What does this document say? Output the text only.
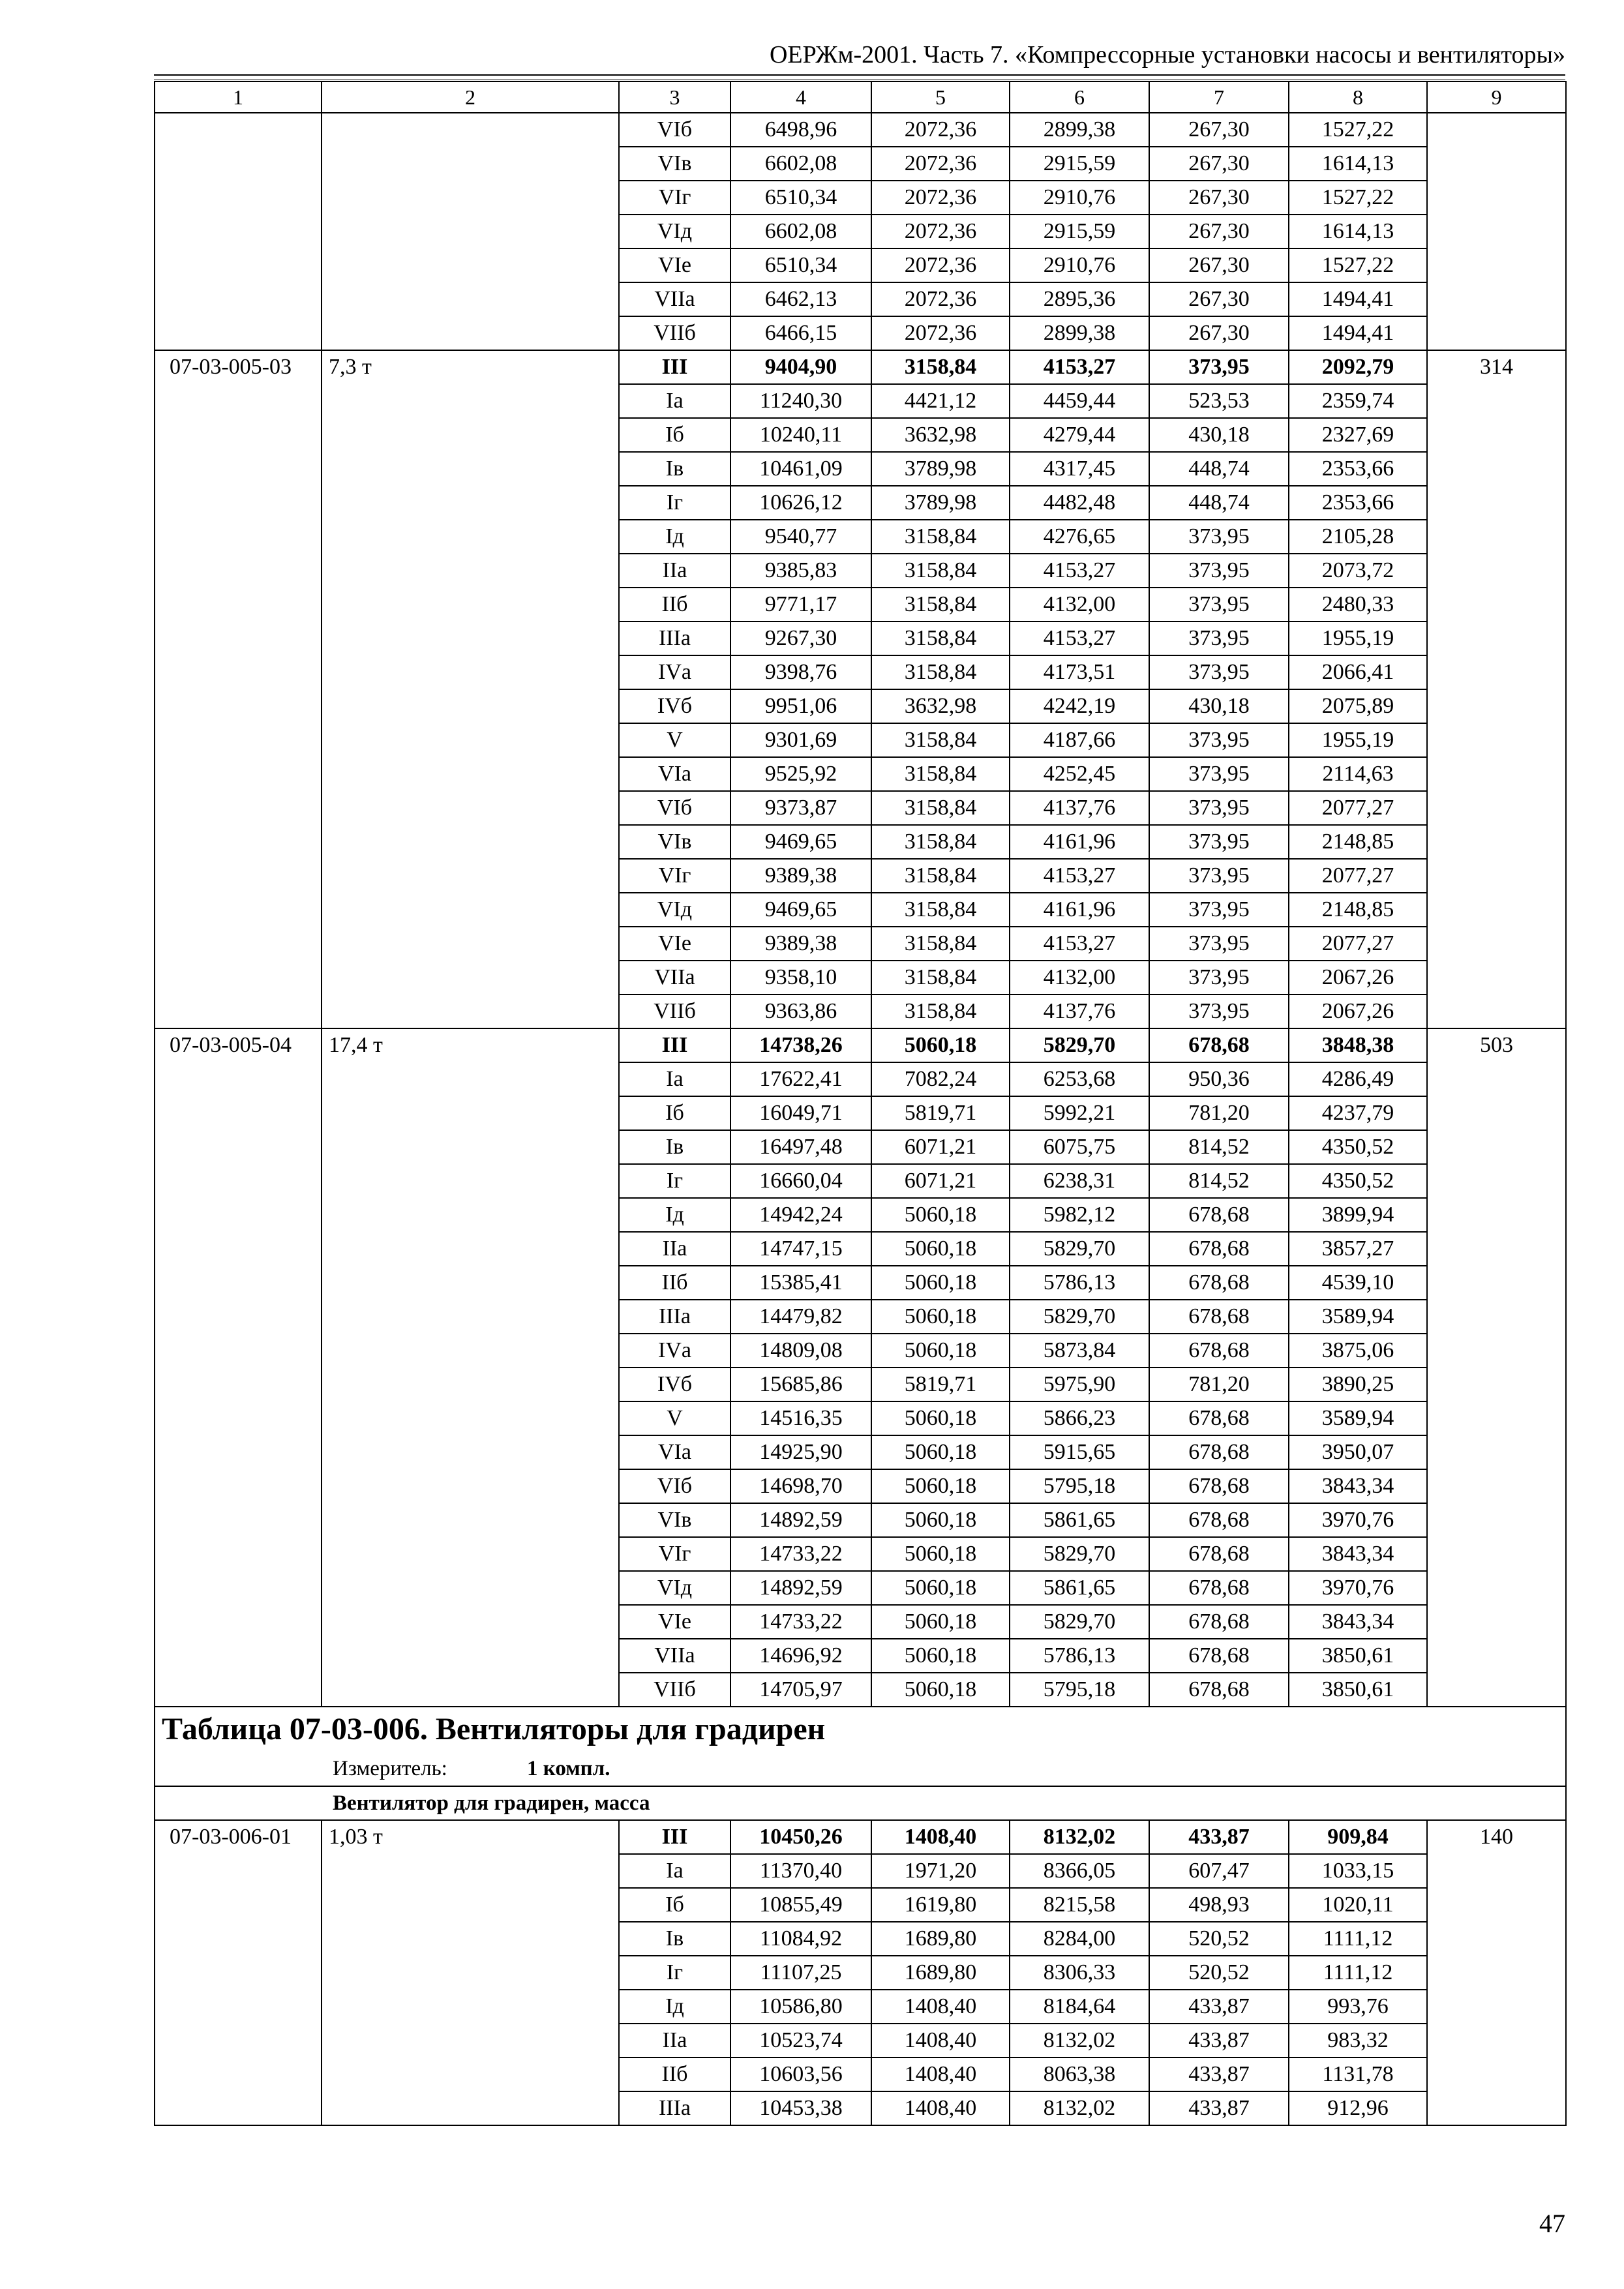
ОЕРЖм-2001. Часть 7. «Компрессорные установки насосы и вентиляторы»
1	2	3	4	5	6	7	8	9
		VIб	6498,96	2072,36	2899,38	267,30	1527,22	
		VIв	6602,08	2072,36	2915,59	267,30	1614,13	
		VIг	6510,34	2072,36	2910,76	267,30	1527,22	
		VIд	6602,08	2072,36	2915,59	267,30	1614,13	
		VIе	6510,34	2072,36	2910,76	267,30	1527,22	
		VIIа	6462,13	2072,36	2895,36	267,30	1494,41	
		VIIб	6466,15	2072,36	2899,38	267,30	1494,41	
07-03-005-03	7,3 т	III	9404,90	3158,84	4153,27	373,95	2092,79	314
		Iа	11240,30	4421,12	4459,44	523,53	2359,74	
		Iб	10240,11	3632,98	4279,44	430,18	2327,69	
		Iв	10461,09	3789,98	4317,45	448,74	2353,66	
		Iг	10626,12	3789,98	4482,48	448,74	2353,66	
		Iд	9540,77	3158,84	4276,65	373,95	2105,28	
		IIа	9385,83	3158,84	4153,27	373,95	2073,72	
		IIб	9771,17	3158,84	4132,00	373,95	2480,33	
		IIIа	9267,30	3158,84	4153,27	373,95	1955,19	
		IVа	9398,76	3158,84	4173,51	373,95	2066,41	
		IVб	9951,06	3632,98	4242,19	430,18	2075,89	
		V	9301,69	3158,84	4187,66	373,95	1955,19	
		VIа	9525,92	3158,84	4252,45	373,95	2114,63	
		VIб	9373,87	3158,84	4137,76	373,95	2077,27	
		VIв	9469,65	3158,84	4161,96	373,95	2148,85	
		VIг	9389,38	3158,84	4153,27	373,95	2077,27	
		VIд	9469,65	3158,84	4161,96	373,95	2148,85	
		VIе	9389,38	3158,84	4153,27	373,95	2077,27	
		VIIа	9358,10	3158,84	4132,00	373,95	2067,26	
		VIIб	9363,86	3158,84	4137,76	373,95	2067,26	
07-03-005-04	17,4 т	III	14738,26	5060,18	5829,70	678,68	3848,38	503
		Iа	17622,41	7082,24	6253,68	950,36	4286,49	
		Iб	16049,71	5819,71	5992,21	781,20	4237,79	
		Iв	16497,48	6071,21	6075,75	814,52	4350,52	
		Iг	16660,04	6071,21	6238,31	814,52	4350,52	
		Iд	14942,24	5060,18	5982,12	678,68	3899,94	
		IIа	14747,15	5060,18	5829,70	678,68	3857,27	
		IIб	15385,41	5060,18	5786,13	678,68	4539,10	
		IIIа	14479,82	5060,18	5829,70	678,68	3589,94	
		IVа	14809,08	5060,18	5873,84	678,68	3875,06	
		IVб	15685,86	5819,71	5975,90	781,20	3890,25	
		V	14516,35	5060,18	5866,23	678,68	3589,94	
		VIа	14925,90	5060,18	5915,65	678,68	3950,07	
		VIб	14698,70	5060,18	5795,18	678,68	3843,34	
		VIв	14892,59	5060,18	5861,65	678,68	3970,76	
		VIг	14733,22	5060,18	5829,70	678,68	3843,34	
		VIд	14892,59	5060,18	5861,65	678,68	3970,76	
		VIе	14733,22	5060,18	5829,70	678,68	3843,34	
		VIIа	14696,92	5060,18	5786,13	678,68	3850,61	
		VIIб	14705,97	5060,18	5795,18	678,68	3850,61	

Таблица 07-03-006. Вентиляторы для градирен
Измеритель: 1 компл.								

Вентилятор для градирен, масса								
07-03-006-01	1,03 т	III	10450,26	1408,40	8132,02	433,87	909,84	140
		Iа	11370,40	1971,20	8366,05	607,47	1033,15	
		Iб	10855,49	1619,80	8215,58	498,93	1020,11	
		Iв	11084,92	1689,80	8284,00	520,52	1111,12	
		Iг	11107,25	1689,80	8306,33	520,52	1111,12	
		Iд	10586,80	1408,40	8184,64	433,87	993,76	
		IIа	10523,74	1408,40	8132,02	433,87	983,32	
		IIб	10603,56	1408,40	8063,38	433,87	1131,78	
		IIIа	10453,38	1408,40	8132,02	433,87	912,96	
47
